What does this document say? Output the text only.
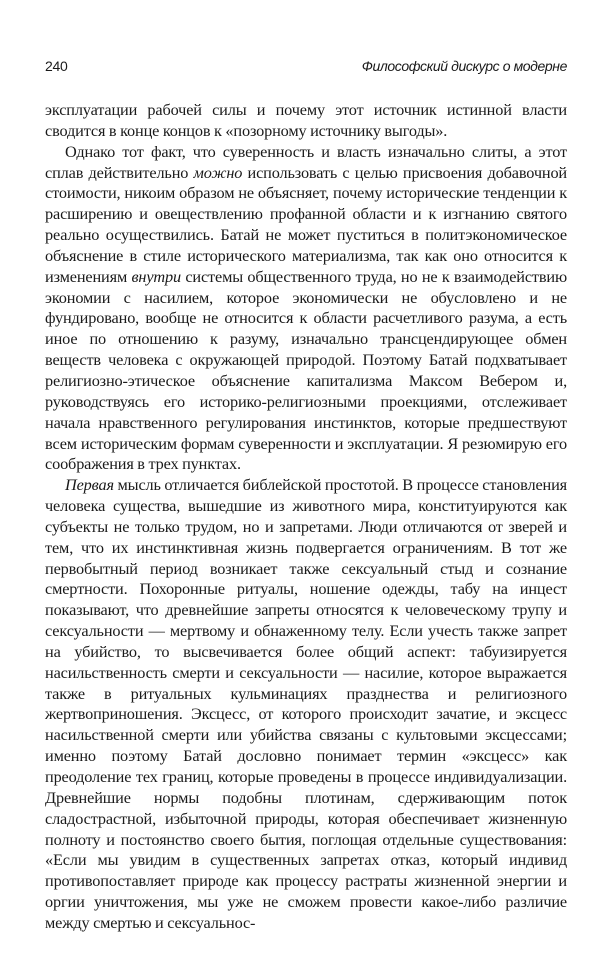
240	Философский дискурс о модерне

эксплуатации рабочей силы и почему этот источник истинной власти сводится в конце концов к «позорному источнику выгоды».

Однако тот факт, что суверенность и власть изначально слиты, а этот сплав действительно можно использовать с целью присвоения добавочной стоимости, никоим образом не объясняет, почему исторические тенденции к расширению и овеществлению профанной области и к изгнанию святого реально осуществились. Батай не может пуститься в политэкономическое объяснение в стиле исторического материализма, так как оно относится к изменениям внутри системы общественного труда, но не к взаимодействию экономии с насилием, которое экономически не обусловлено и не фундировано, вообще не относится к области расчетливого разума, а есть иное по отношению к разуму, изначально трансцендирующее обмен веществ человека с окружающей природой. Поэтому Батай подхватывает религиозно-этическое объяснение капитализма Максом Вебером и, руководствуясь его историко-религиозными проекциями, отслеживает начала нравственного регулирования инстинктов, которые предшествуют всем историческим формам суверенности и эксплуатации. Я резюмирую его соображения в трех пунктах.

Первая мысль отличается библейской простотой. В процессе становления человека существа, вышедшие из животного мира, конституируются как субъекты не только трудом, но и запретами. Люди отличаются от зверей и тем, что их инстинктивная жизнь подвергается ограничениям. В тот же первобытный период возникает также сексуальный стыд и сознание смертности. Похоронные ритуалы, ношение одежды, табу на инцест показывают, что древнейшие запреты относятся к человеческому трупу и сексуальности — мертвому и обнаженному телу. Если учесть также запрет на убийство, то высвечивается более общий аспект: табуизируется насильственность смерти и сексуальности — насилие, которое выражается также в ритуальных кульминациях празднества и религиозного жертвоприношения. Эксцесс, от которого происходит зачатие, и эксцесс насильственной смерти или убийства связаны с культовыми эксцессами; именно поэтому Батай дословно понимает термин «эксцесс» как преодоление тех границ, которые проведены в процессе индивидуализации. Древнейшие нормы подобны плотинам, сдерживающим поток сладострастной, избыточной природы, которая обеспечивает жизненную полноту и постоянство своего бытия, поглощая отдельные существования: «Если мы увидим в существенных запретах отказ, который индивид противопоставляет природе как процессу растраты жизненной энергии и оргии уничтожения, мы уже не сможем провести какое-либо различие между смертью и сексуальнос-
